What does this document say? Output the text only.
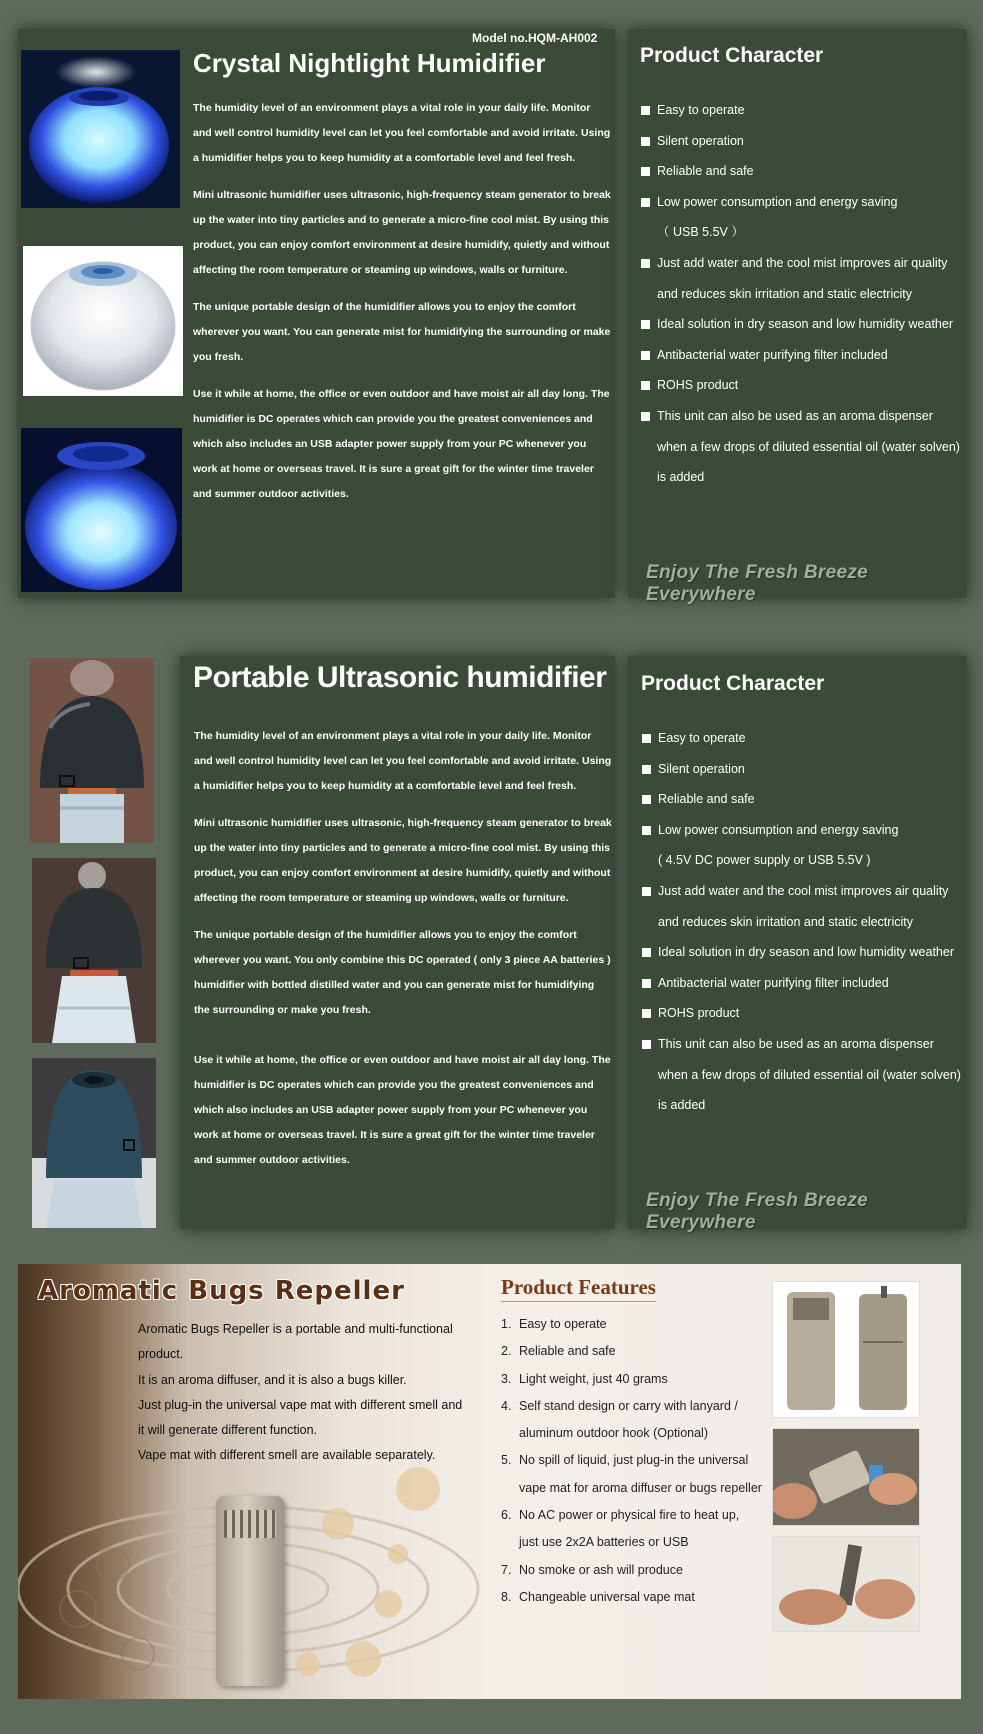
Model no.HQM-AH002
Crystal Nightlight Humidifier

The humidity level of an environment plays a vital role in your daily life. Monitor and well control humidity level can let you feel comfortable and avoid irritate. Using a humidifier helps you to keep humidity at a comfortable level and feel fresh.

Mini ultrasonic humidifier uses ultrasonic, high-frequency steam generator to break up the water into tiny particles and to generate a micro-fine cool mist. By using this product, you can enjoy comfort environment at desire humidify, quietly and without affecting the room temperature or steaming up windows, walls or furniture.

The unique portable design of the humidifier allows you to enjoy the comfort wherever you want. You can generate mist for humidifying the surrounding or make you fresh.

Use it while at home, the office or even outdoor and have moist air all day long. The humidifier is DC operates which can provide you the greatest conveniences and which also includes an USB adapter power supply from your PC whenever you work at home or overseas travel. It is sure a great gift for the winter time traveler and summer outdoor activities.

Product Character
Easy to operate
Silent operation
Reliable and safe
Low power consumption and energy saving
（ USB 5.5V ）
Just add water and the cool mist improves air quality
and reduces skin irritation and static electricity
Ideal solution in dry season and low humidity weather
Antibacterial water purifying filter included
ROHS product
This unit can also be used as an aroma dispenser
when a few drops of diluted essential oil (water solven)
is added
Enjoy The Fresh Breeze Everywhere
Portable Ultrasonic humidifier

The humidity level of an environment plays a vital role in your daily life. Monitor and well control humidity level can let you feel comfortable and avoid irritate. Using a humidifier helps you to keep humidity at a comfortable level and feel fresh.

Mini ultrasonic humidifier uses ultrasonic, high-frequency steam generator to break up the water into tiny particles and to generate a micro-fine cool mist. By using this product, you can enjoy comfort environment at desire humidify, quietly and without affecting the room temperature or steaming up windows, walls or furniture.

The unique portable design of the humidifier allows you to enjoy the comfort wherever you want. You only combine this DC operated ( only 3 piece AA batteries ) humidifier with bottled distilled water and you can generate mist for humidifying the surrounding or make you fresh.

Use it while at home, the office or even outdoor and have moist air all day long. The humidifier is DC operates which can provide you the greatest conveniences and which also includes an USB adapter power supply from your PC whenever you work at home or overseas travel. It is sure a great gift for the winter time traveler and summer outdoor activities.

Product Character
Easy to operate
Silent operation
Reliable and safe
Low power consumption and energy saving
( 4.5V DC power supply or USB 5.5V )
Just add water and the cool mist improves air quality
and reduces skin irritation and static electricity
Ideal solution in dry season and low humidity weather
Antibacterial water purifying filter included
ROHS product
This unit can also be used as an aroma dispenser
when a few drops of diluted essential oil (water solven)
is added
Enjoy The Fresh Breeze Everywhere
Aromatic Bugs Repeller

Aromatic Bugs Repeller is a portable and multi-functional product.

It is an aroma diffuser, and it is also a bugs killer.

Just plug-in the universal vape mat with different smell and it will generate different function.

Vape mat with different smell are available separately.

Product Features
1. Easy to operate
2. Reliable and safe
3. Light weight, just 40 grams
4. Self stand design or carry with lanyard /
aluminum outdoor hook (Optional)
5. No spill of liquid, just plug-in the universal
vape mat for aroma diffuser or bugs repeller
6. No AC power or physical fire to heat up,
just use 2x2A batteries or USB
7. No smoke or ash will produce
8. Changeable universal vape mat
